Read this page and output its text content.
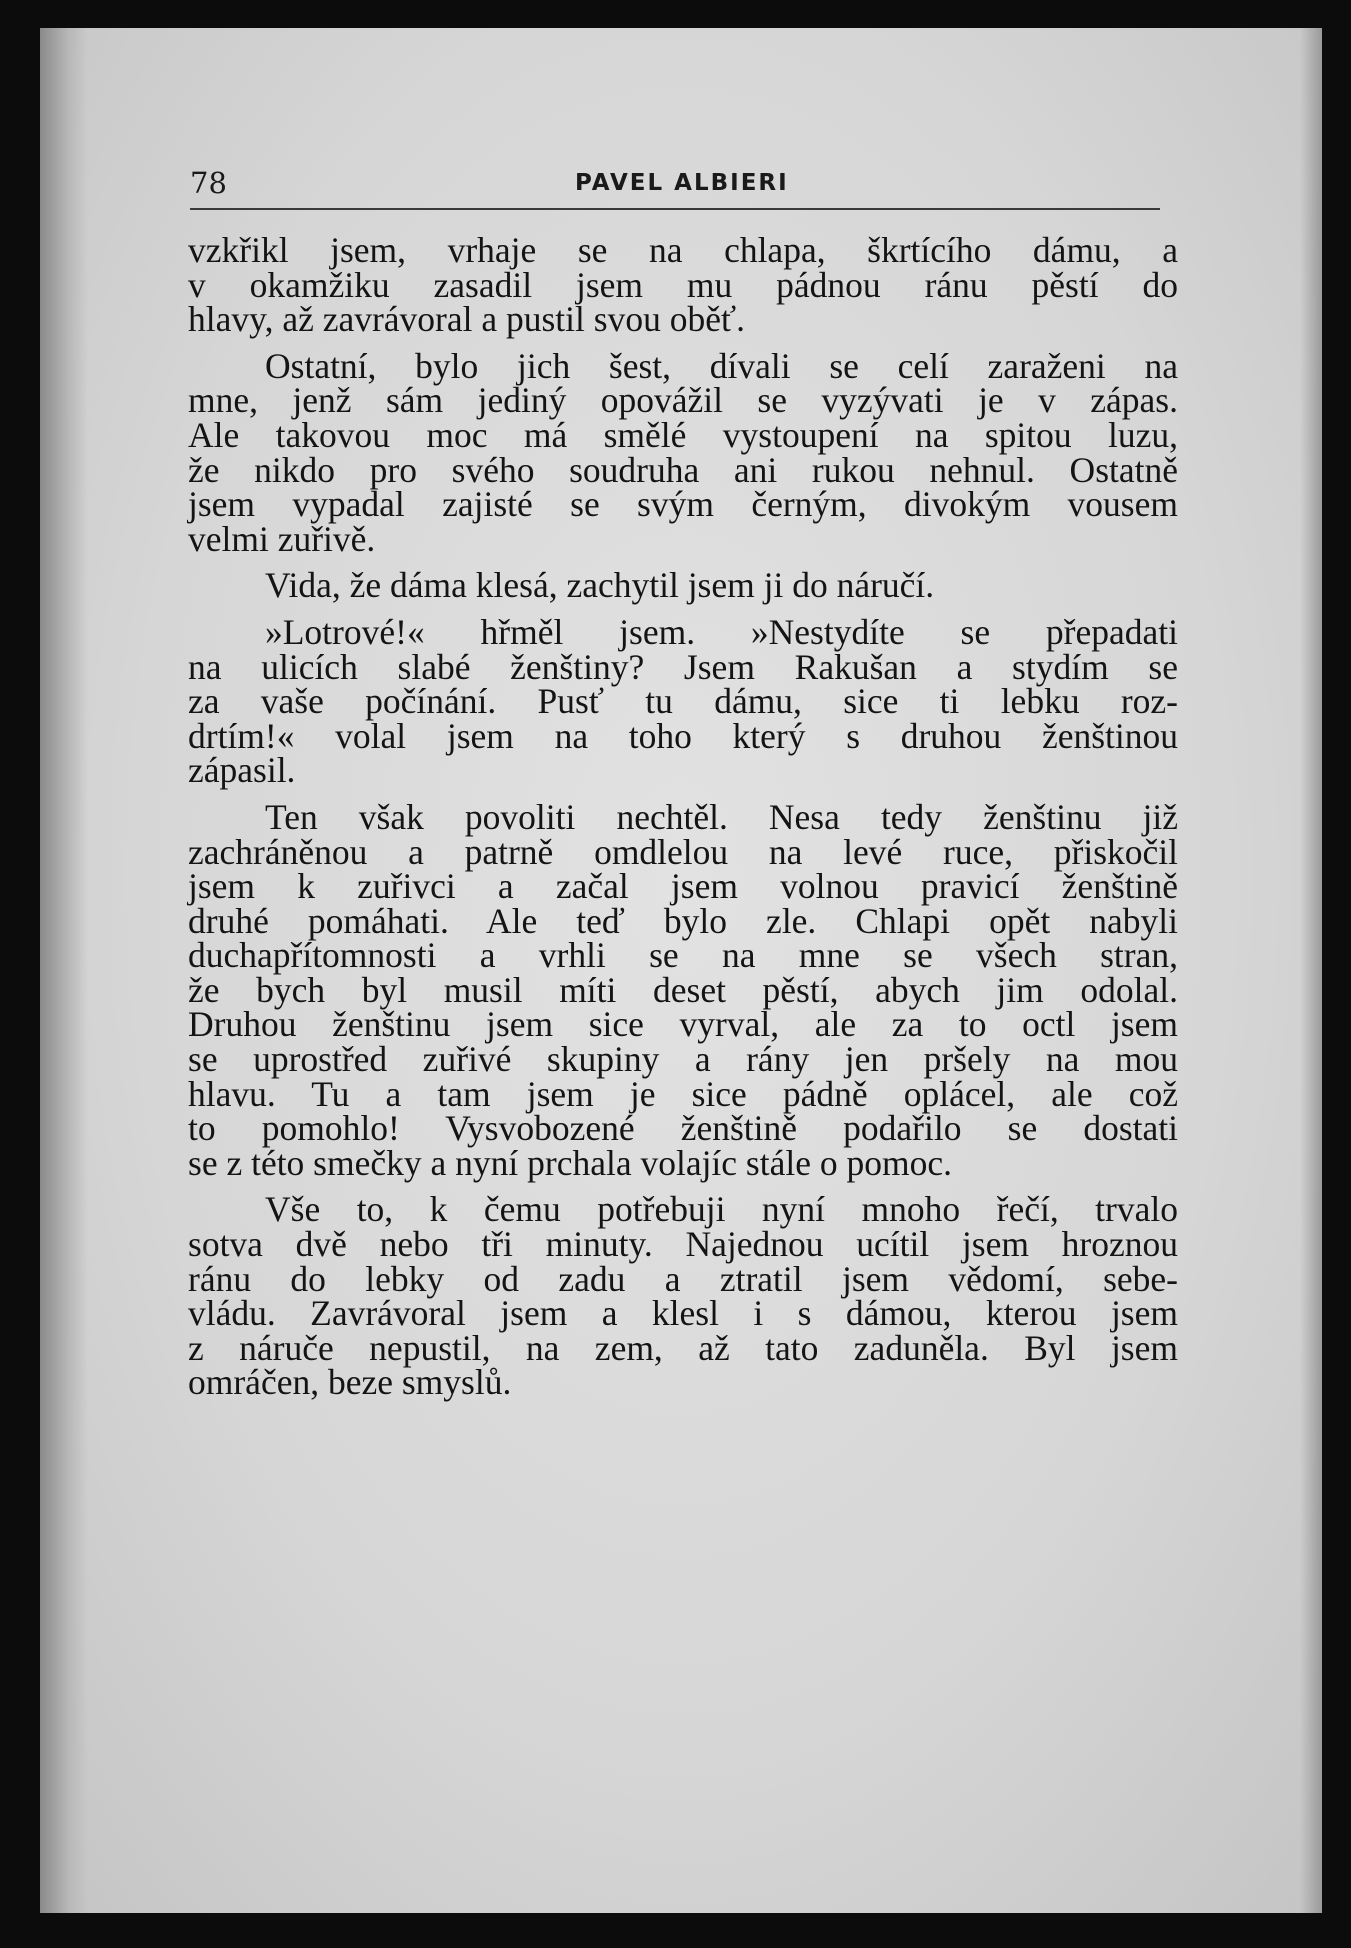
78	PAVEL ALBIERI
vzkřikl jsem, vrhaje se na chlapa, škrtícího dámu, a
v okamžiku zasadil jsem mu pádnou ránu pěstí do
hlavy, až zavrávoral a pustil svou oběť.
Ostatní, bylo jich šest, dívali se celí zaraženi na
mne, jenž sám jediný opovážil se vyzývati je v zápas.
Ale takovou moc má smělé vystoupení na spitou luzu,
že nikdo pro svého soudruha ani rukou nehnul. Ostatně
jsem vypadal zajisté se svým černým, divokým vousem
velmi zuřivě.
Vida, že dáma klesá, zachytil jsem ji do náručí.
»Lotrové!« hřměl jsem. »Nestydíte se přepadati
na ulicích slabé ženštiny? Jsem Rakušan a stydím se
za vaše počínání. Pusť tu dámu, sice ti lebku roz-
drtím!« volal jsem na toho který s druhou ženštinou
zápasil.
Ten však povoliti nechtěl. Nesa tedy ženštinu již
zachráněnou a patrně omdlelou na levé ruce, přiskočil
jsem k zuřivci a začal jsem volnou pravicí ženštině
druhé pomáhati. Ale teď bylo zle. Chlapi opět nabyli
duchapřítomnosti a vrhli se na mne se všech stran,
že bych byl musil míti deset pěstí, abych jim odolal.
Druhou ženštinu jsem sice vyrval, ale za to octl jsem
se uprostřed zuřivé skupiny a rány jen pršely na mou
hlavu. Tu a tam jsem je sice pádně oplácel, ale což
to pomohlo! Vysvobozené ženštině podařilo se dostati
se z této smečky a nyní prchala volajíc stále o pomoc.
Vše to, k čemu potřebuji nyní mnoho řečí, trvalo
sotva dvě nebo tři minuty. Najednou ucítil jsem hroznou
ránu do lebky od zadu a ztratil jsem vědomí, sebe-
vládu. Zavrávoral jsem a klesl i s dámou, kterou jsem
z náruče nepustil, na zem, až tato zaduněla. Byl jsem
omráčen, beze smyslů.
